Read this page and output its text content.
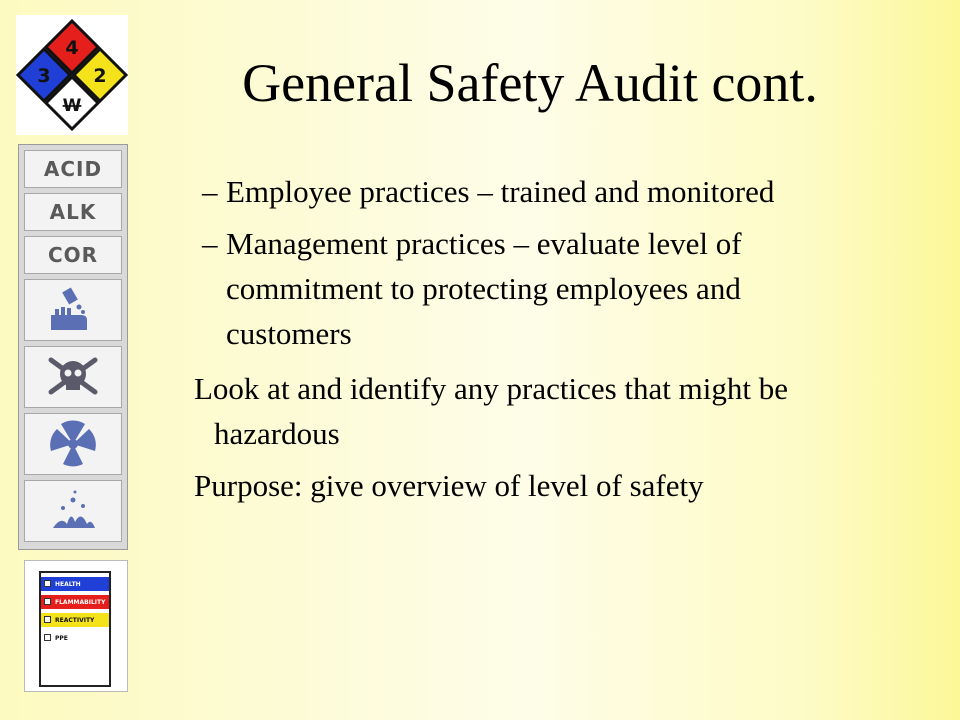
4
3 2
W
ACID
ALK
COR
HEALTH
FLAMMABILITY
REACTIVITY
PPE
General Safety Audit cont.
– Employee practices – trained and monitored
– Management practices – evaluate level of commitment to protecting employees and customers
Look at and identify any practices that might be hazardous
Purpose: give overview of level of safety
